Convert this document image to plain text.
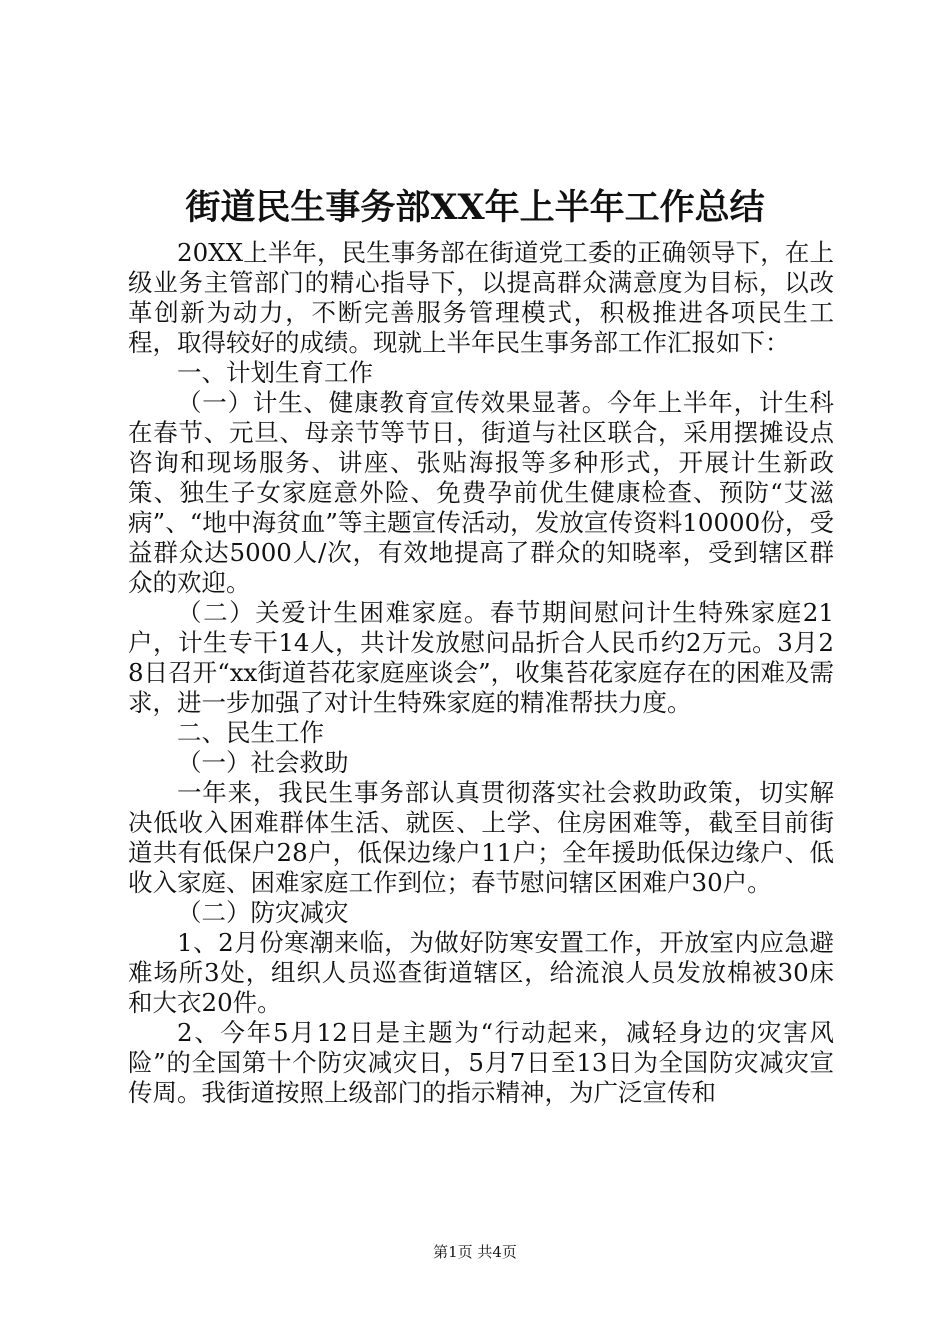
街道民生事务部XX年上半年工作总结

20XX上半年，民生事务部在街道党工委的正确领导下，在上级业务主管部门的精心指导下，以提高群众满意度为目标，以改革创新为动力，不断完善服务管理模式，积极推进各项民生工程，取得较好的成绩。现就上半年民生事务部工作汇报如下：

一、计划生育工作

（一）计生、健康教育宣传效果显著。今年上半年，计生科在春节、元旦、母亲节等节日，街道与社区联合，采用摆摊设点咨询和现场服务、讲座、张贴海报等多种形式，开展计生新政策、独生子女家庭意外险、免费孕前优生健康检查、预防“艾滋病”、“地中海贫血”等主题宣传活动，发放宣传资料10000份，受益群众达5000人/次，有效地提高了群众的知晓率，受到辖区群众的欢迎。

（二）关爱计生困难家庭。春节期间慰问计生特殊家庭21户，计生专干14人，共计发放慰问品折合人民币约2万元。3月28日召开“xx街道苔花家庭座谈会”，收集苔花家庭存在的困难及需求，进一步加强了对计生特殊家庭的精准帮扶力度。

二、民生工作

（一）社会救助

一年来，我民生事务部认真贯彻落实社会救助政策，切实解决低收入困难群体生活、就医、上学、住房困难等，截至目前街道共有低保户28户，低保边缘户11户；全年援助低保边缘户、低收入家庭、困难家庭工作到位；春节慰问辖区困难户30户。

（二）防灾减灾

1、2月份寒潮来临，为做好防寒安置工作，开放室内应急避难场所3处，组织人员巡查街道辖区，给流浪人员发放棉被30床和大衣20件。

2、今年5月12日是主题为“行动起来，减轻身边的灾害风险”的全国第十个防灾减灾日，5月7日至13日为全国防灾减灾宣传周。我街道按照上级部门的指示精神，为广泛宣传和

第1页 共4页
